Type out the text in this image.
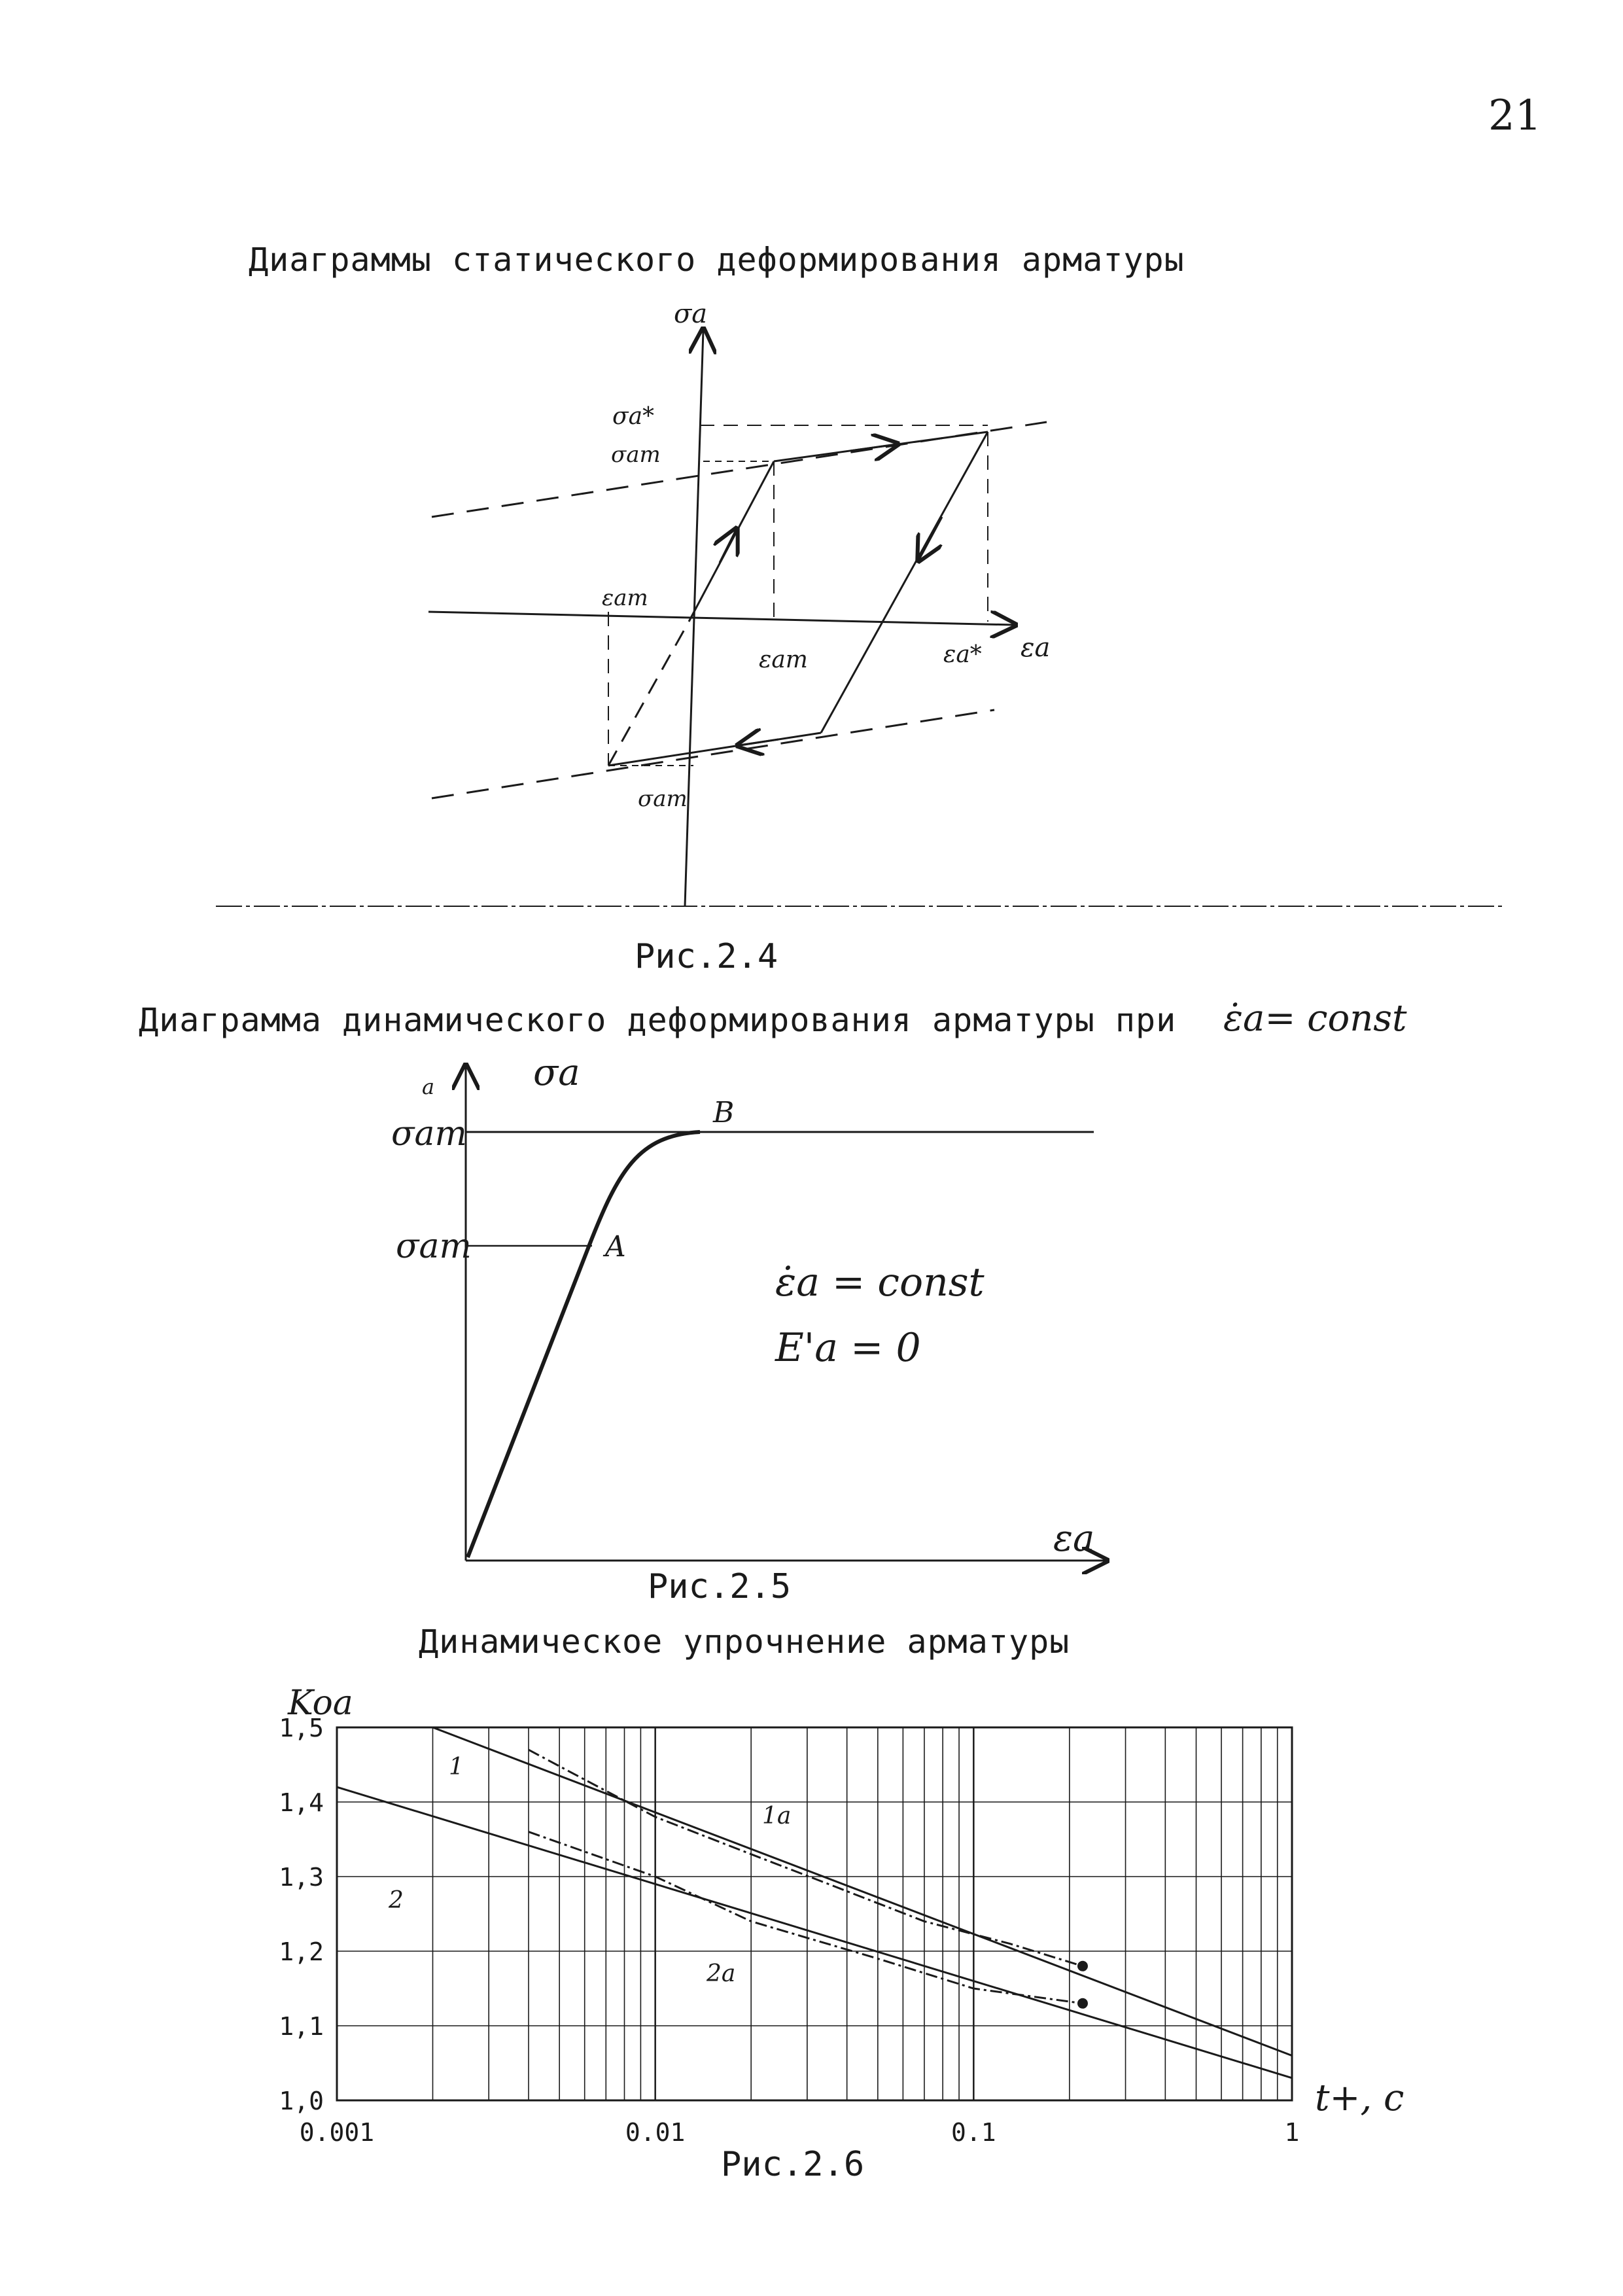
21
Диаграммы статического деформирования арматуры
Рис.2.4
Диаграмма динамического деформирования арматуры при
Рис.2.5
Динамическое упрочнение арматуры
Рис.2.6
σa
εa
σa*
σaт
σaт
εaт
εaт	εa*
ε̇a= const
σa
εa
σaт
a
σaт	A
B
ε̇a = const
E'a = 0
0.001	0.01	0.1	1
1,0
1,1
1,2
1,3
1,4
1,5
Koa
t+, c
1
2
1a
2a
